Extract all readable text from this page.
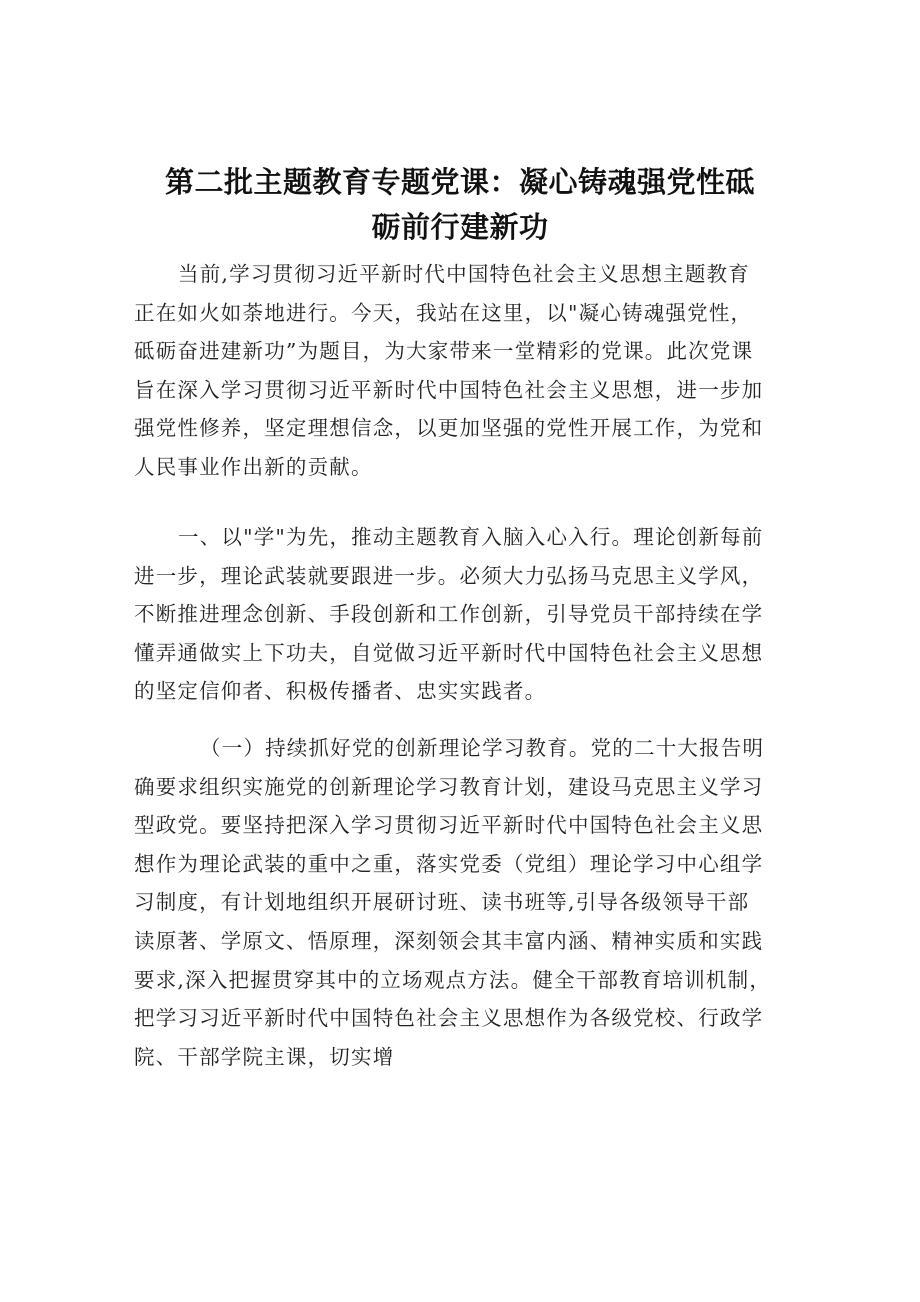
第二批主题教育专题党课：凝心铸魂强党性砥
砺前行建新功
当前,学习贯彻习近平新时代中国特色社会主义思想主题教育
正在如火如荼地进行。今天，我站在这里，以"凝心铸魂强党性，
砥砺奋进建新功”为题目，为大家带来一堂精彩的党课。此次党课
旨在深入学习贯彻习近平新时代中国特色社会主义思想，进一步加
强党性修养，坚定理想信念，以更加坚强的党性开展工作，为党和
人民事业作出新的贡献。
一、以"学"为先，推动主题教育入脑入心入行。理论创新每前
进一步，理论武装就要跟进一步。必须大力弘扬马克思主义学风，
不断推进理念创新、手段创新和工作创新，引导党员干部持续在学
懂弄通做实上下功夫，自觉做习近平新时代中国特色社会主义思想
的坚定信仰者、积极传播者、忠实实践者。
（一）持续抓好党的创新理论学习教育。党的二十大报告明
确要求组织实施党的创新理论学习教育计划，建设马克思主义学习
型政党。要坚持把深入学习贯彻习近平新时代中国特色社会主义思
想作为理论武装的重中之重，落实党委（党组）理论学习中心组学
习制度，有计划地组织开展研讨班、读书班等,引导各级领导干部
读原著、学原文、悟原理，深刻领会其丰富内涵、精神实质和实践
要求,深入把握贯穿其中的立场观点方法。健全干部教育培训机制，
把学习习近平新时代中国特色社会主义思想作为各级党校、行政学
院、干部学院主课，切实增
